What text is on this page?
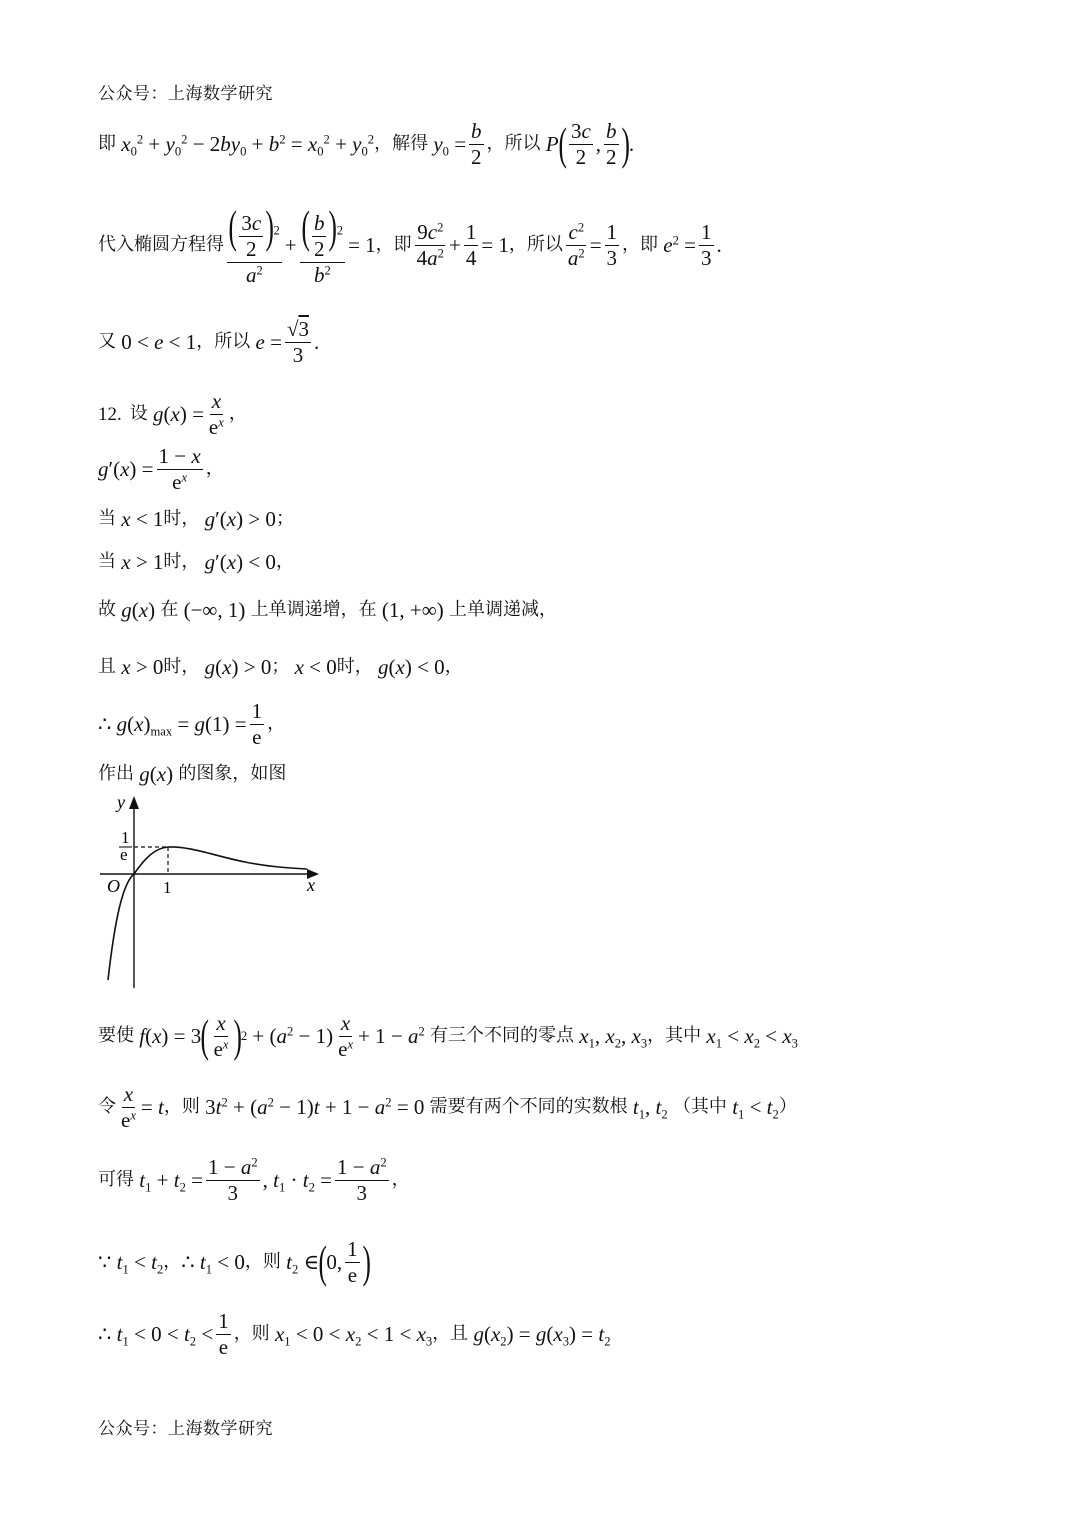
公众号：上海数学研究
即 $x_0^2 + y_0^2 - 2by_0 + b^2 = x_0^2 + y_0^2$ ，解得 $y_0 = \frac{b}{2}$ ，所以 P ( $\frac{3c}{2}$ , $\frac{b}{2}$ ) .
代入椭圆方程得 $\frac{( \frac{3c}{2} )^2}{a^2} + \frac{( \frac{b}{2} )^2}{b^2} = 1$ ，即 $\frac{9c^2}{4a^2} + \frac{1}{4} = 1$ ，所以 $\frac{c^2}{a^2} = \frac{1}{3}$ ，即 $e^2 = \frac{1}{3}$ .
又 0 < e < 1 ，所以 $e = \frac{√3}{3}$ .
12. 设 $g(x) = \frac{x}{e^x}$ ，
$g'(x) = \frac{1 - x}{e^x}$ ，
当 x < 1 时， g′(x) > 0 ；
当 x > 1 时， g′(x) < 0 ，
故 g(x) 在 (−∞, 1) 上单调递增，在 (1, +∞) 上单调递减，
且 x > 0 时， g(x) > 0 ； x < 0 时， g(x) < 0 ，
∴ $g(x)_{max} = g(1) = \frac{1}{e}$ ，
作出 g(x) 的图象，如图
y
x
O	1
1
e
要使 f(x) = 3 ( $\frac{x}{e^x}$ ) $2 + (a^2 - 1) \frac{x}{e^x} + 1 - a^2$ 有三个不同的零点 $x_1$, $x_2$, $x_3$ ，其中 $x_1 < x_2 < x_3$
令 $\frac{x}{e^x} = t$ ，则 $3t^2 + (a^2 - 1)t + 1 - a^2 = 0$ 需要有两个不同的实数根 $t_1$, $t_2$ （其中 $t_1 < t_2$ ）
可得 $t_1 + t_2 = \frac{1 - a^2}{3}$ , $t_1 \cdot t_2 = \frac{1 - a^2}{3}$ ，
∵ $t_1 < t_2$ ， ∴ $t_1 < 0$ ，则 $t_2$ ∈ ( 0, $\frac{1}{e}$ )
∴ $t_1 < 0 < t_2 < \frac{1}{e}$ ，则 $x_1 < 0 < x_2 < 1 < x_3$ ，且 $g(x_2) = g(x_3) = t_2$
公众号：上海数学研究
